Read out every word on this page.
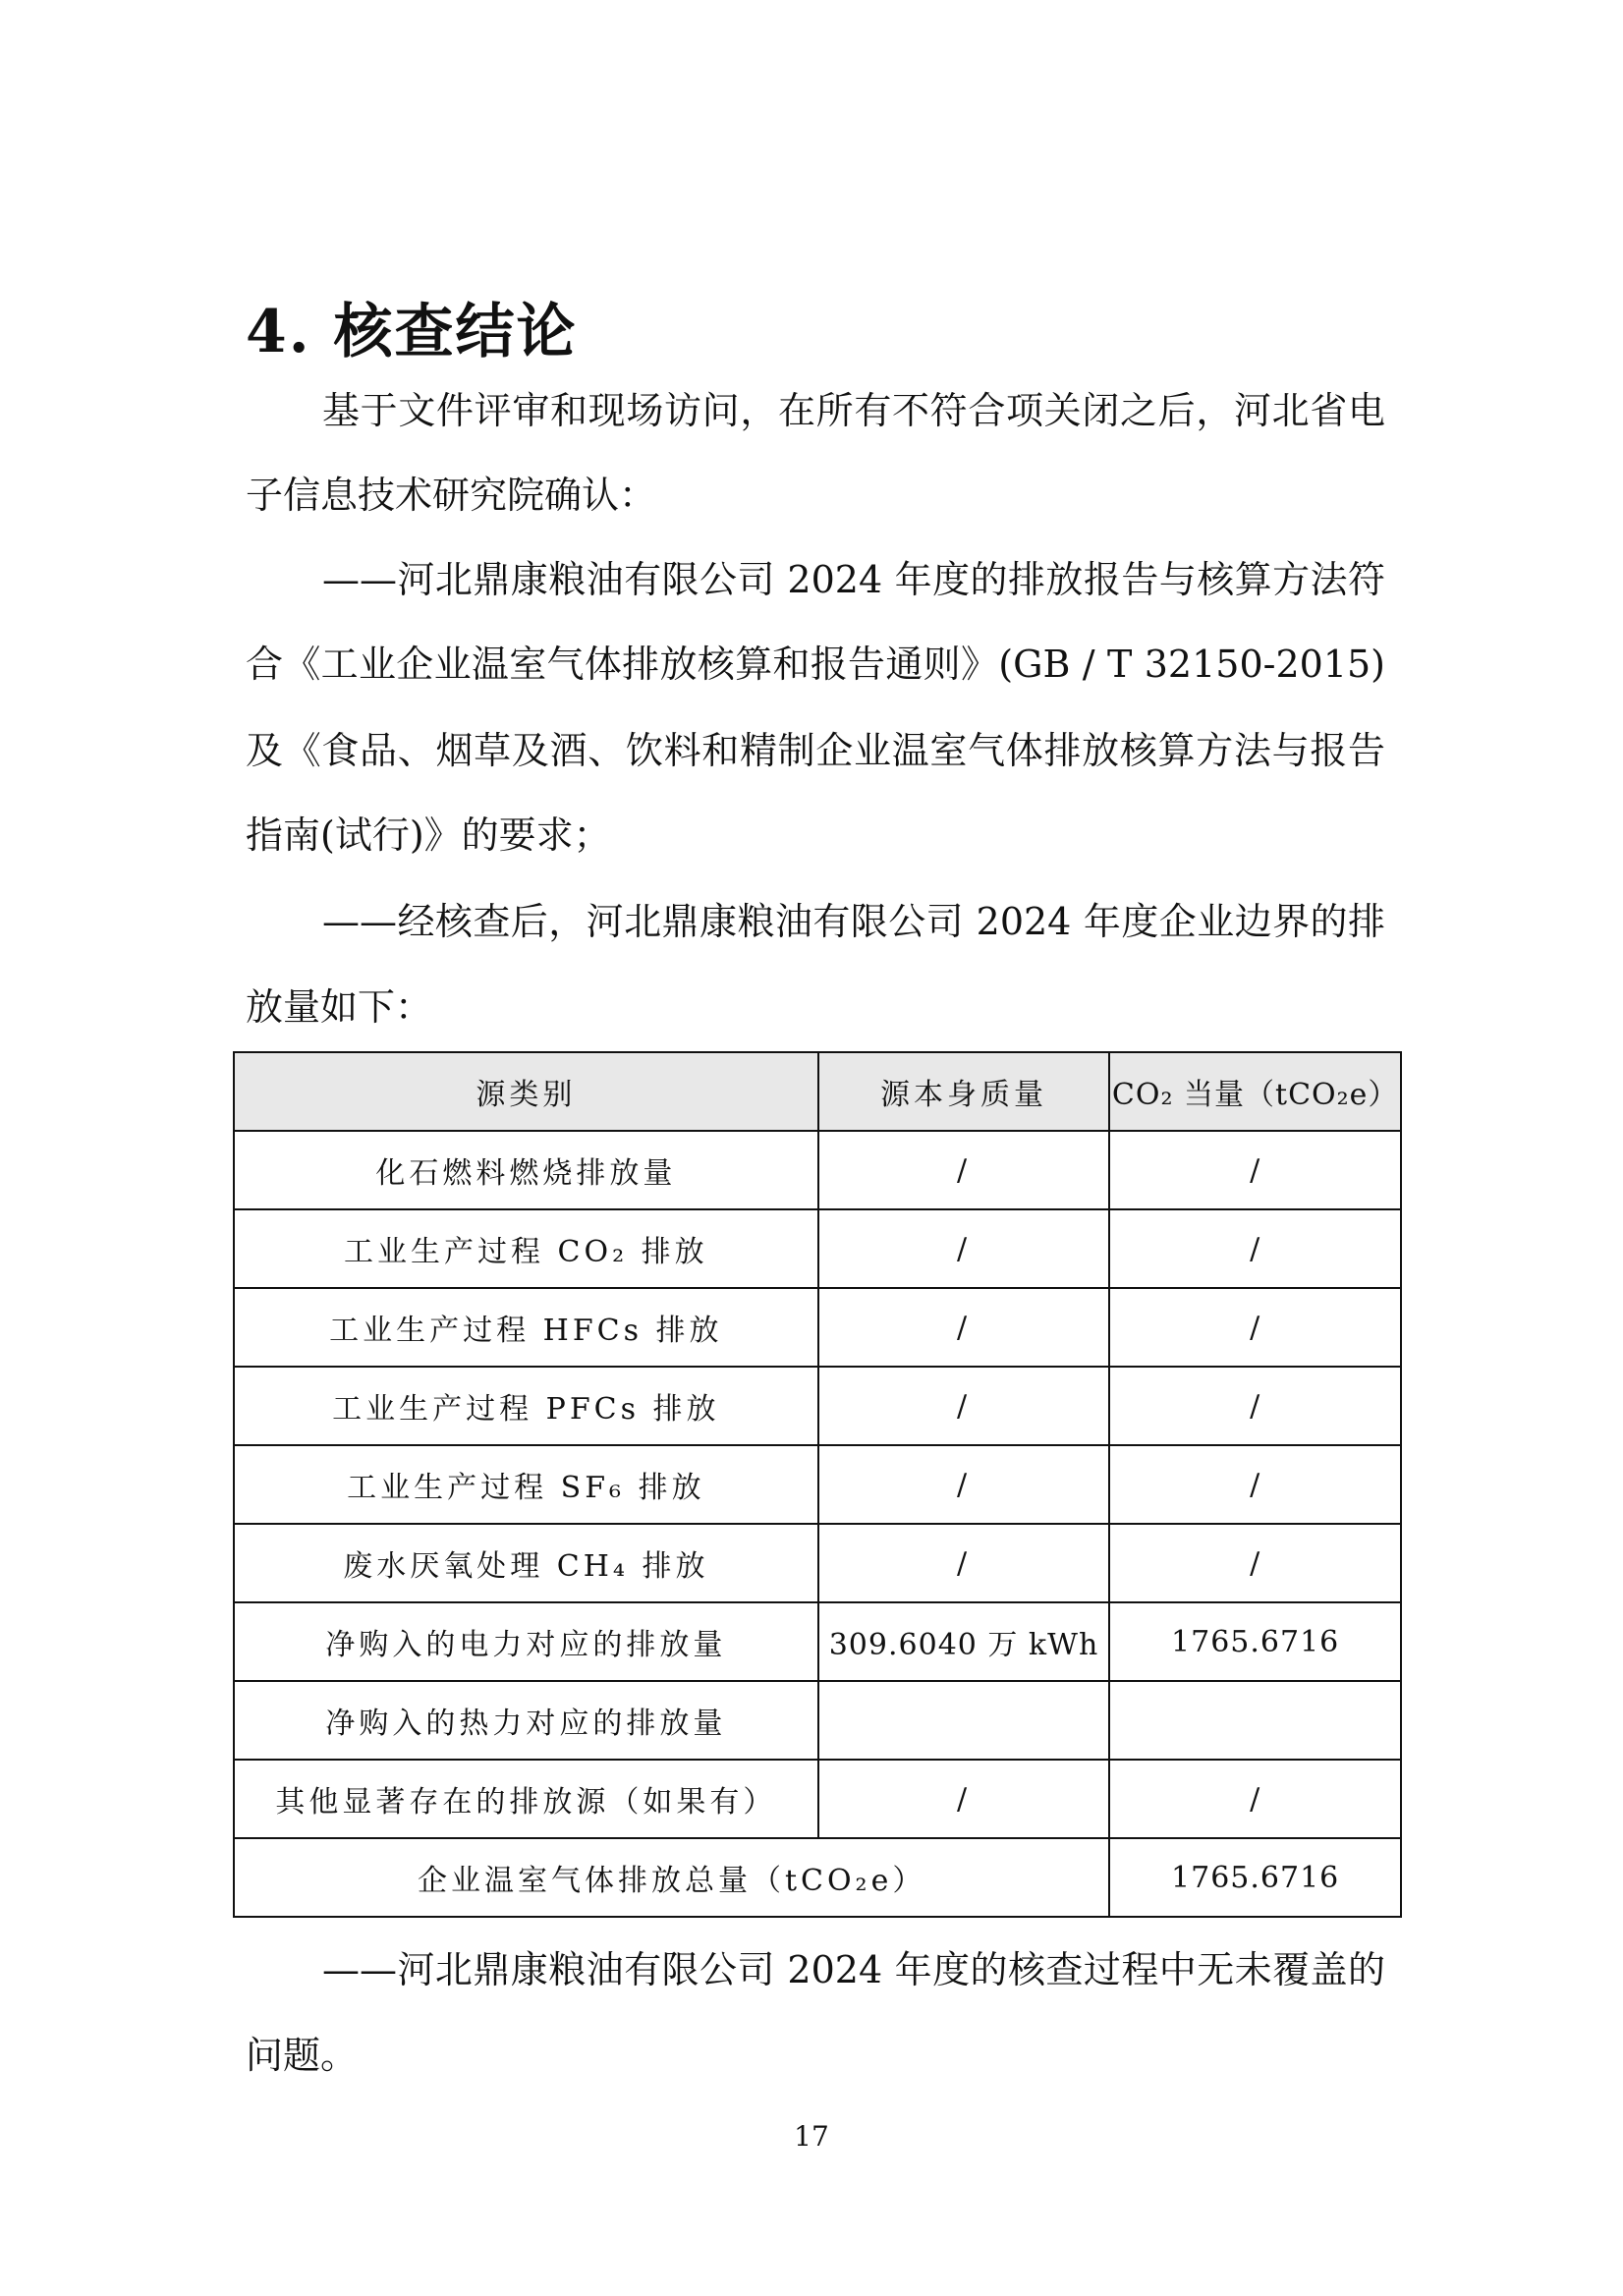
4. 核查结论
基于文件评审和现场访问，在所有不符合项关闭之后，河北省电
子信息技术研究院确认：
——河北鼎康粮油有限公司 2024 年度的排放报告与核算方法符
合《工业企业温室气体排放核算和报告通则》(GB / T 32150-2015)
及《食品、烟草及酒、饮料和精制企业温室气体排放核算方法与报告
指南(试行)》的要求；
——经核查后，河北鼎康粮油有限公司 2024 年度企业边界的排
放量如下：
源类别	源本身质量	CO₂ 当量（tCO₂e）
化石燃料燃烧排放量	/	/
工业生产过程 CO₂ 排放	/	/
工业生产过程 HFCs 排放	/	/
工业生产过程 PFCs 排放	/	/
工业生产过程 SF₆ 排放	/	/
废水厌氧处理 CH₄ 排放	/	/
净购入的电力对应的排放量	309.6040 万 kWh	1765.6716
净购入的热力对应的排放量		
其他显著存在的排放源（如果有）	/	/
企业温室气体排放总量（tCO₂e）		1765.6716
——河北鼎康粮油有限公司 2024 年度的核查过程中无未覆盖的
问题。
17
